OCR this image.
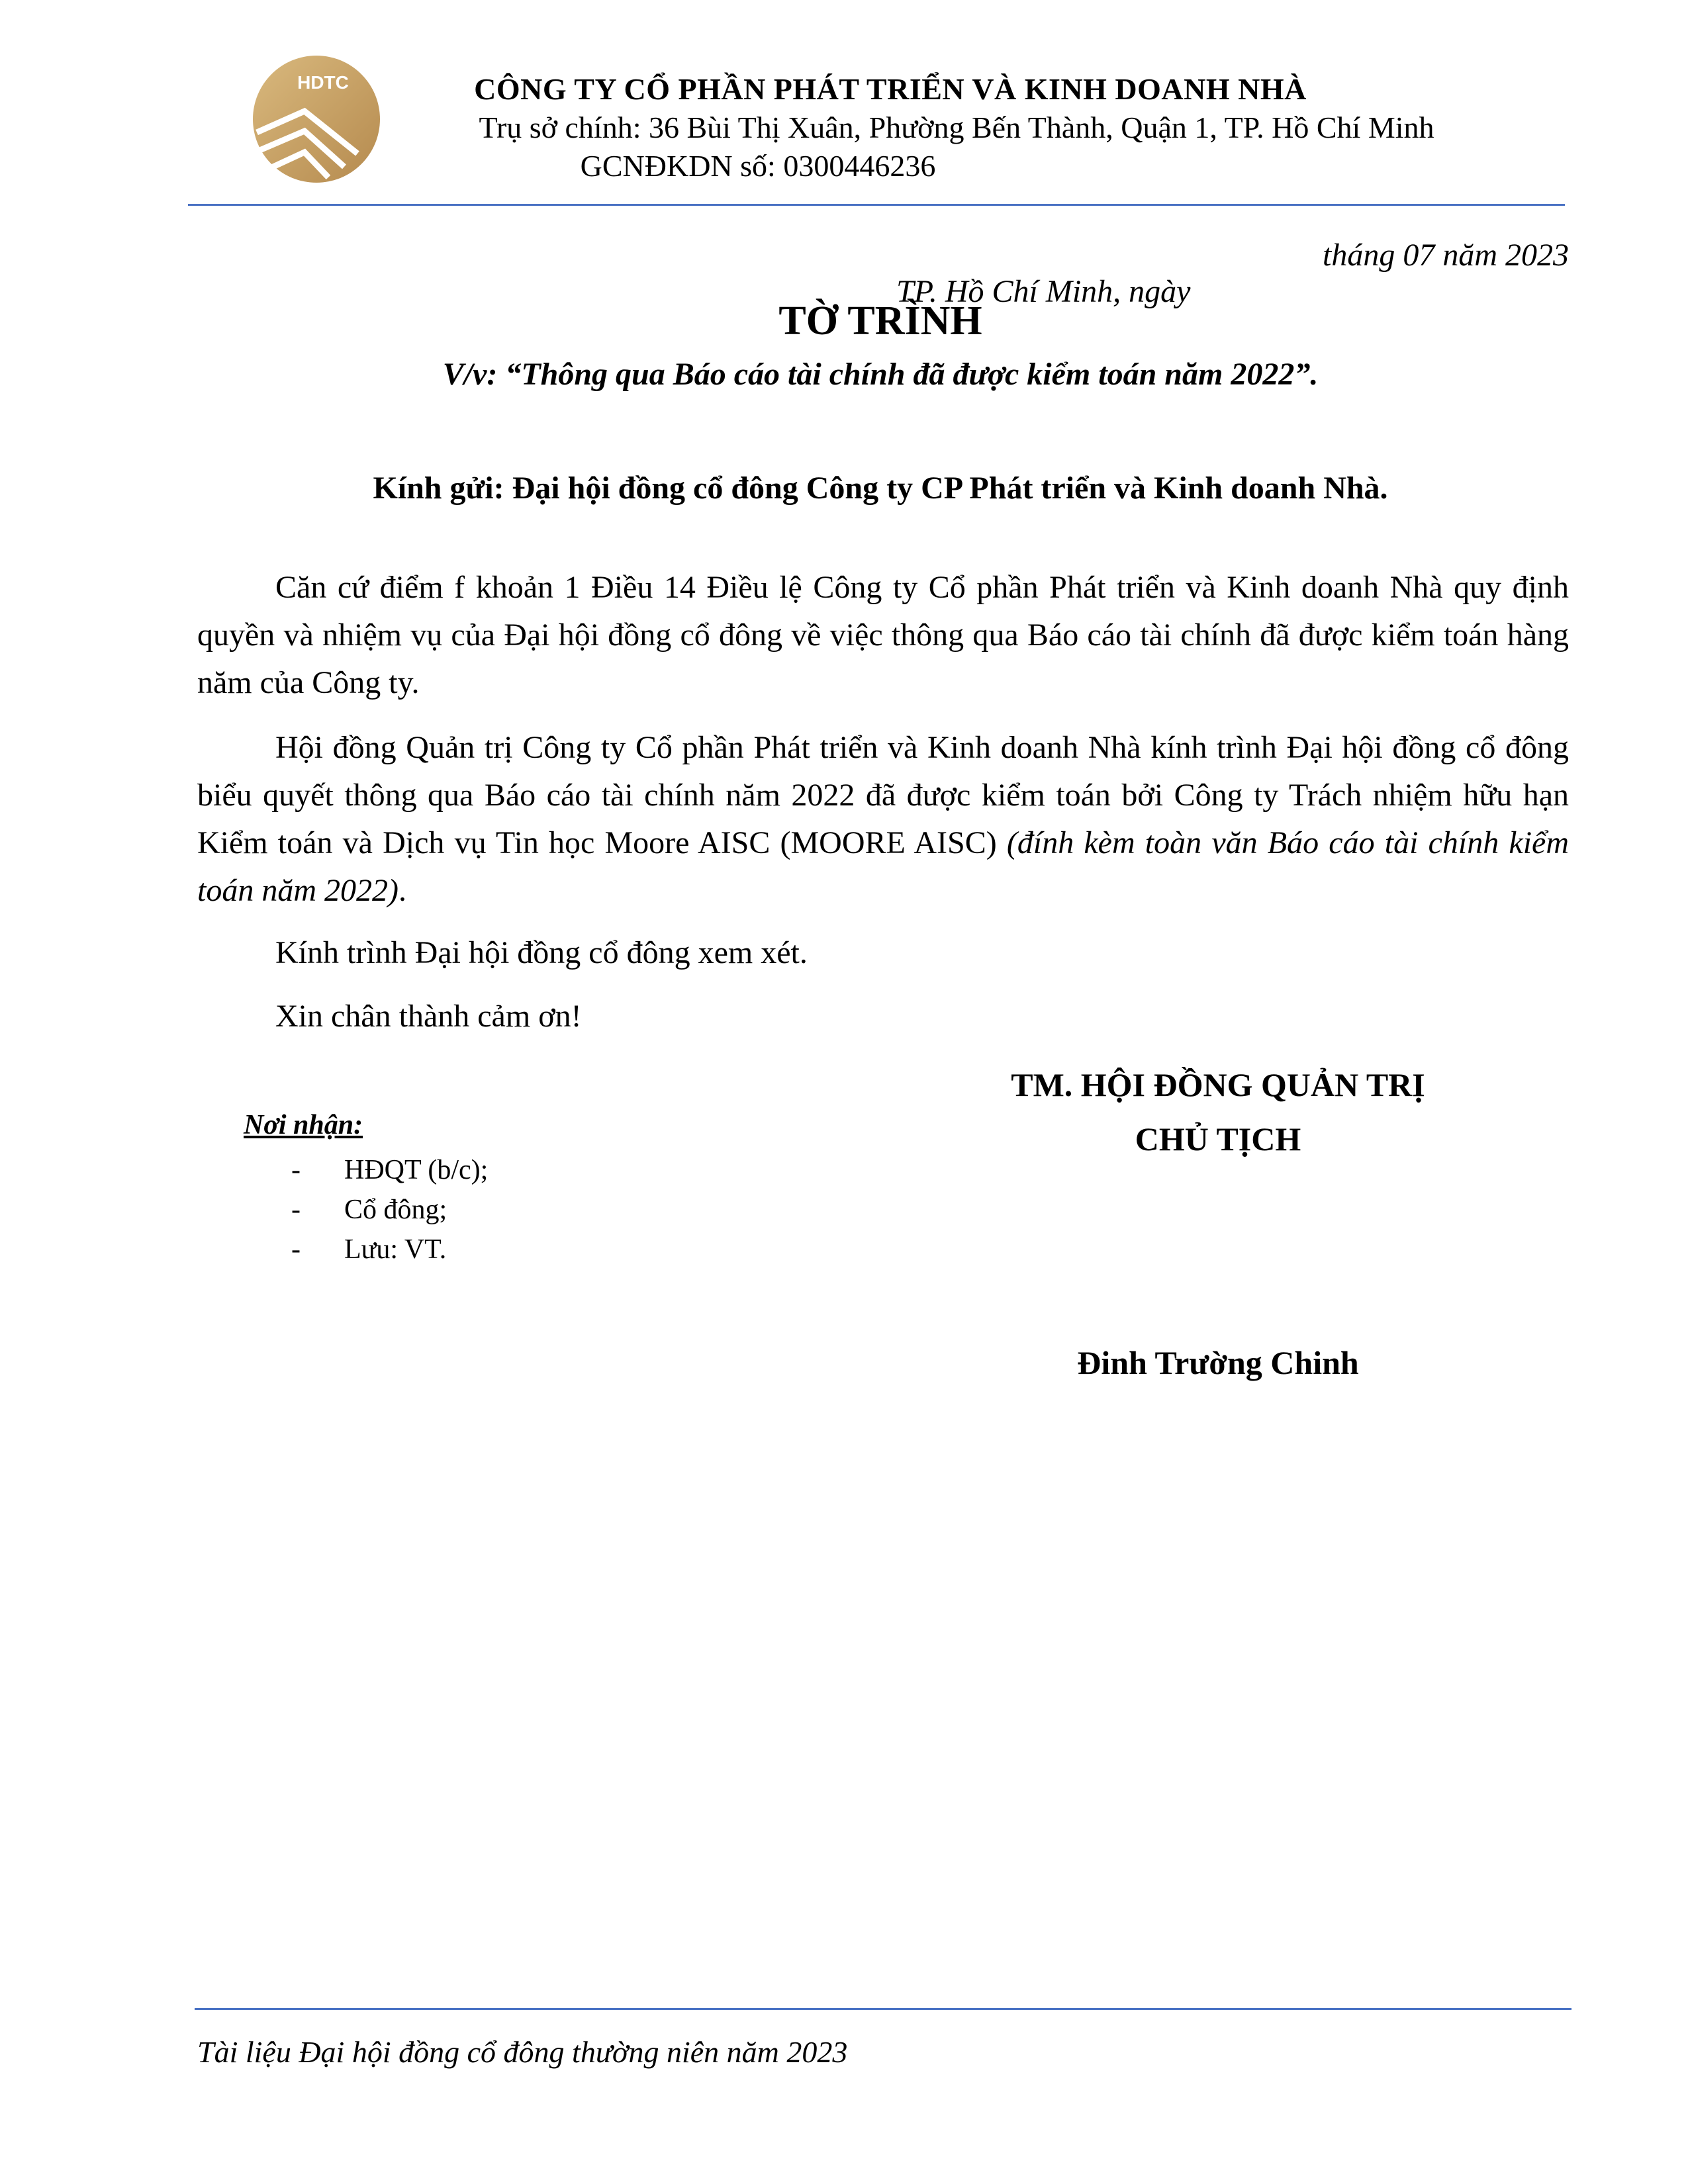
HDTC	CÔNG TY CỔ PHẦN PHÁT TRIỂN VÀ KINH DOANH NHÀ
Trụ sở chính: 36 Bùi Thị Xuân, Phường Bến Thành, Quận 1, TP. Hồ Chí Minh
GCNĐKDN số: 0300446236

TP. Hồ Chí Minh, ngày

tháng 07 năm 2023

TỜ TRÌNH
V/v: “Thông qua Báo cáo tài chính đã được kiểm toán năm 2022”.
Kính gửi: Đại hội đồng cổ đông Công ty CP Phát triển và Kinh doanh Nhà.
Căn cứ điểm f khoản 1 Điều 14 Điều lệ Công ty Cổ phần Phát triển và Kinh doanh Nhà quy định quyền và nhiệm vụ của Đại hội đồng cổ đông về việc thông qua Báo cáo tài chính đã được kiểm toán hàng năm của Công ty.
Hội đồng Quản trị Công ty Cổ phần Phát triển và Kinh doanh Nhà kính trình Đại hội đồng cổ đông biểu quyết thông qua Báo cáo tài chính năm 2022 đã được kiểm toán bởi Công ty Trách nhiệm hữu hạn Kiểm toán và Dịch vụ Tin học Moore AISC (MOORE AISC) (đính kèm toàn văn Báo cáo tài chính kiểm toán năm 2022).
Kính trình Đại hội đồng cổ đông xem xét.
Xin chân thành cảm ơn!
TM. HỘI ĐỒNG QUẢN TRỊ
CHỦ TỊCH
Đinh Trường Chinh
Nơi nhận:
- HĐQT (b/c);
- Cổ đông;
- Lưu: VT.
Tài liệu Đại hội đồng cổ đông thường niên năm 2023
